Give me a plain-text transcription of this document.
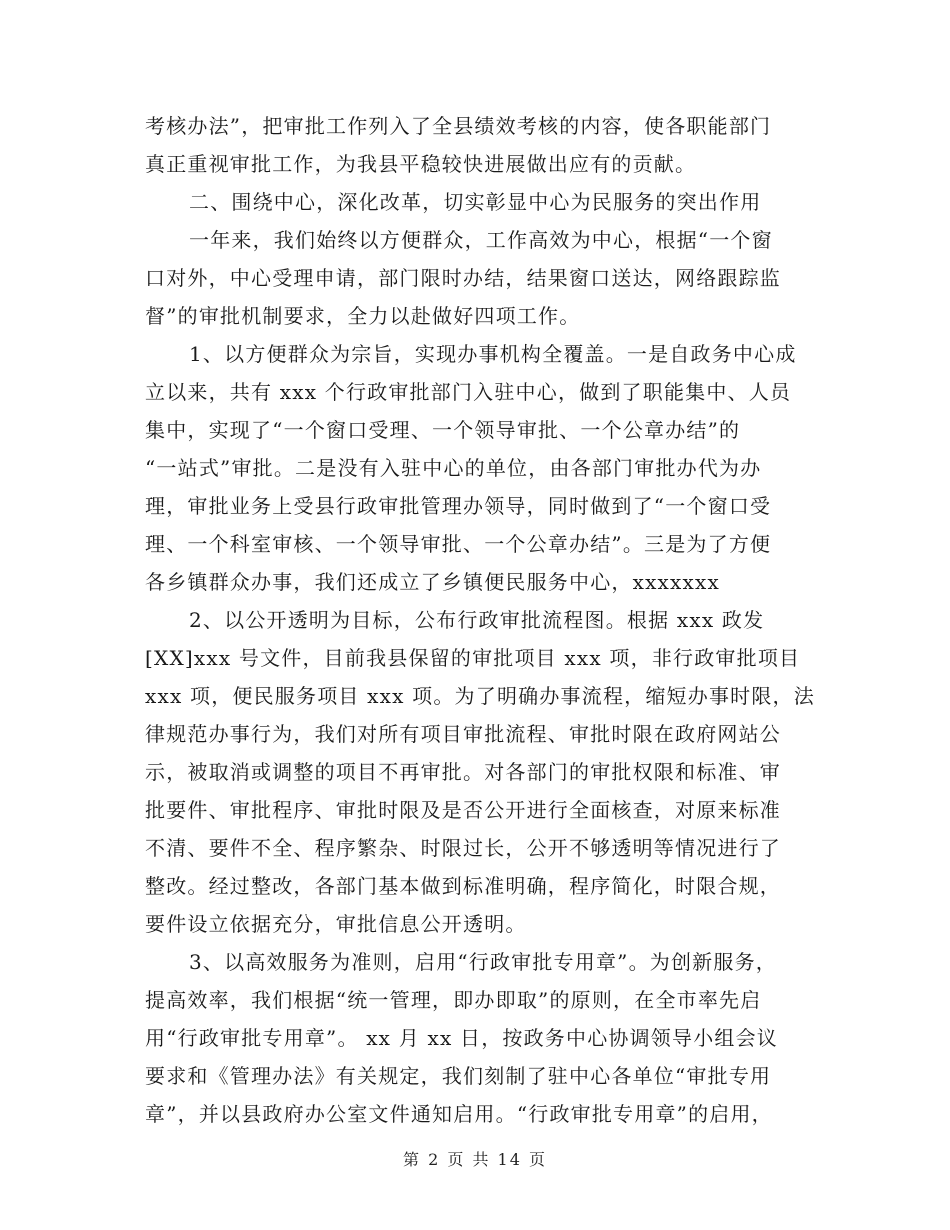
考核办法”，把审批工作列入了全县绩效考核的内容，使各职能部门
真正重视审批工作，为我县平稳较快进展做出应有的贡献。
二、围绕中心，深化改革，切实彰显中心为民服务的突出作用
一年来，我们始终以方便群众，工作高效为中心，根据“一个窗
口对外，中心受理申请，部门限时办结，结果窗口送达，网络跟踪监
督”的审批机制要求，全力以赴做好四项工作。
1、以方便群众为宗旨，实现办事机构全覆盖。一是自政务中心成
立以来，共有 xxx 个行政审批部门入驻中心，做到了职能集中、人员
集中，实现了“一个窗口受理、一个领导审批、一个公章办结”的
“一站式”审批。二是没有入驻中心的单位，由各部门审批办代为办
理，审批业务上受县行政审批管理办领导，同时做到了“一个窗口受
理、一个科室审核、一个领导审批、一个公章办结”。三是为了方便
各乡镇群众办事，我们还成立了乡镇便民服务中心，xxxxxxx
2、以公开透明为目标，公布行政审批流程图。根据 xxx 政发
[XX]xxx 号文件，目前我县保留的审批项目 xxx 项，非行政审批项目
xxx 项，便民服务项目 xxx 项。为了明确办事流程，缩短办事时限，法
律规范办事行为，我们对所有项目审批流程、审批时限在政府网站公
示，被取消或调整的项目不再审批。对各部门的审批权限和标准、审
批要件、审批程序、审批时限及是否公开进行全面核查，对原来标准
不清、要件不全、程序繁杂、时限过长，公开不够透明等情况进行了
整改。经过整改，各部门基本做到标准明确，程序简化，时限合规，
要件设立依据充分，审批信息公开透明。
3、以高效服务为准则，启用“行政审批专用章”。为创新服务，
提高效率，我们根据“统一管理，即办即取”的原则，在全市率先启
用“行政审批专用章”。 xx 月 xx 日，按政务中心协调领导小组会议
要求和《管理办法》有关规定，我们刻制了驻中心各单位“审批专用
章”，并以县政府办公室文件通知启用。“行政审批专用章”的启用，
第 2 页 共 14 页
